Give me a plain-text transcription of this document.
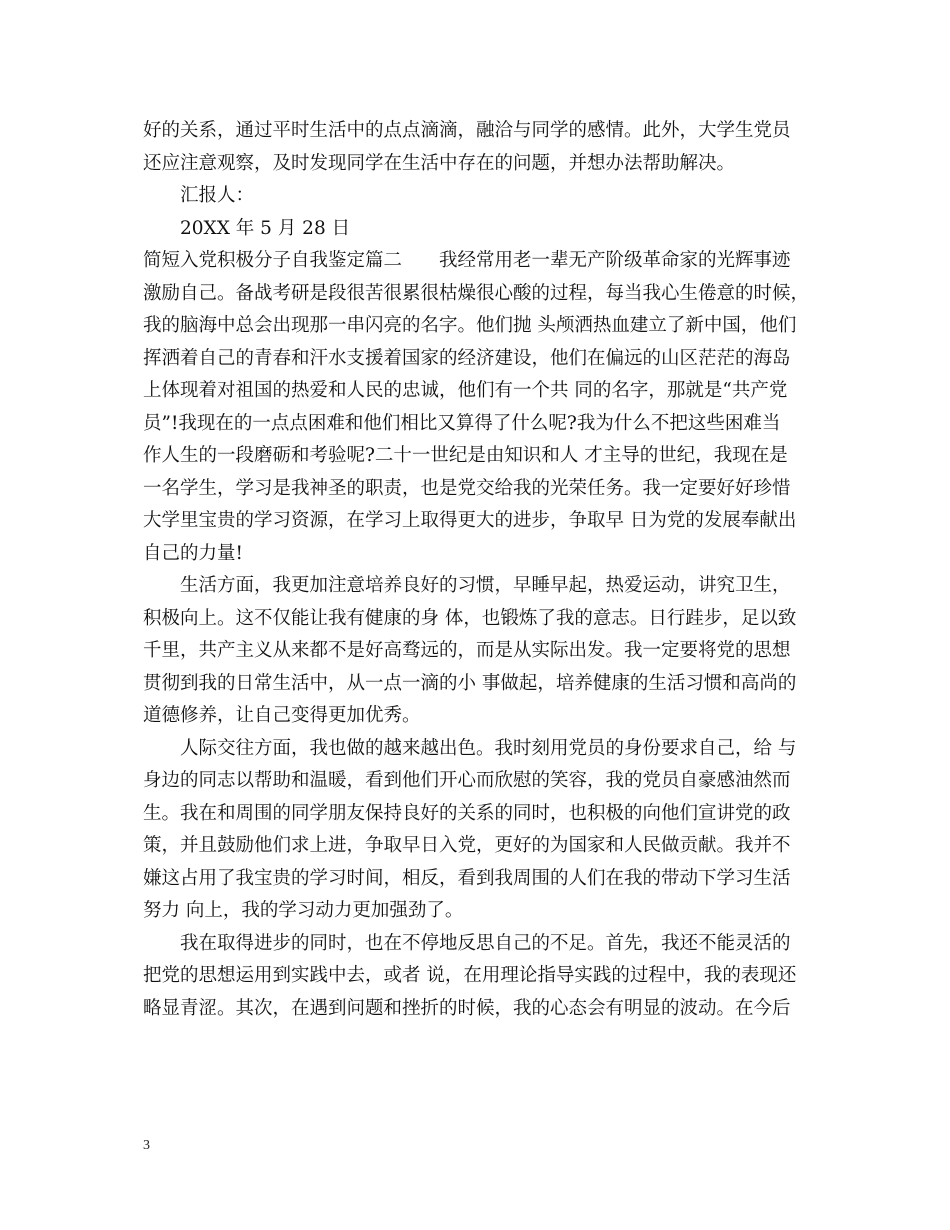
好的关系，通过平时生活中的点点滴滴，融洽与同学的感情。此外，大学生党员
还应注意观察，及时发现同学在生活中存在的问题，并想办法帮助解决。
汇报人：
20XX 年 5 月 28 日
简短入党积极分子自我鉴定篇二　　我经常用老一辈无产阶级革命家的光辉事迹
激励自己。备战考研是段很苦很累很枯燥很心酸的过程，每当我心生倦意的时候，
我的脑海中总会出现那一串闪亮的名字。他们抛 头颅洒热血建立了新中国，他们
挥洒着自己的青春和汗水支援着国家的经济建设，他们在偏远的山区茫茫的海岛
上体现着对祖国的热爱和人民的忠诚，他们有一个共 同的名字，那就是“共产党
员”!我现在的一点点困难和他们相比又算得了什么呢?我为什么不把这些困难当
作人生的一段磨砺和考验呢?二十一世纪是由知识和人 才主导的世纪，我现在是
一名学生，学习是我神圣的职责，也是党交给我的光荣任务。我一定要好好珍惜
大学里宝贵的学习资源，在学习上取得更大的进步，争取早 日为党的发展奉献出
自己的力量!
生活方面，我更加注意培养良好的习惯，早睡早起，热爱运动，讲究卫生，
积极向上。这不仅能让我有健康的身 体，也锻炼了我的意志。日行跬步，足以致
千里，共产主义从来都不是好高骛远的，而是从实际出发。我一定要将党的思想
贯彻到我的日常生活中，从一点一滴的小 事做起，培养健康的生活习惯和高尚的
道德修养，让自己变得更加优秀。
人际交往方面，我也做的越来越出色。我时刻用党员的身份要求自己，给 与
身边的同志以帮助和温暖，看到他们开心而欣慰的笑容，我的党员自豪感油然而
生。我在和周围的同学朋友保持良好的关系的同时，也积极的向他们宣讲党的政
策，并且鼓励他们求上进，争取早日入党，更好的为国家和人民做贡献。我并不
嫌这占用了我宝贵的学习时间，相反，看到我周围的人们在我的带动下学习生活
努力 向上，我的学习动力更加强劲了。
我在取得进步的同时，也在不停地反思自己的不足。首先，我还不能灵活的
把党的思想运用到实践中去，或者 说，在用理论指导实践的过程中，我的表现还
略显青涩。其次，在遇到问题和挫折的时候，我的心态会有明显的波动。在今后
3
